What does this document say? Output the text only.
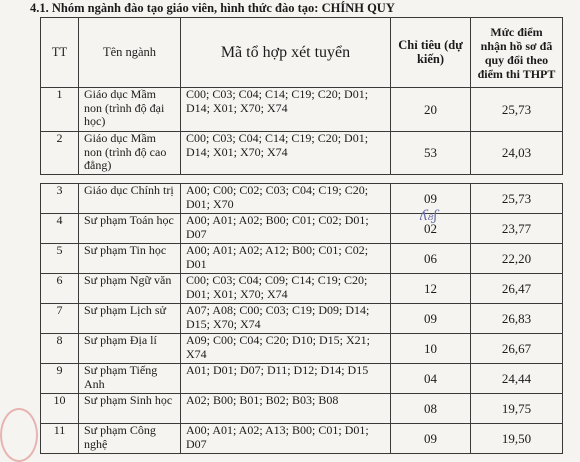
4.1. Nhóm ngành đào tạo giáo viên, hình thức đào tạo: CHÍNH QUY
TT	Tên ngành	Mã tổ hợp xét tuyển	Chỉ tiêu (dự kiến)	Mức điểm nhận hồ sơ đã quy đổi theo điểm thi THPT
1	Giáo dục Mầm non (trình độ đại học)	C00; C03; C04; C14; C19; C20; D01; D14; X01; X70; X74	20	25,73
2	Giáo dục Mầm non (trình độ cao đẳng)	C00; C03; C04; C14; C19; C20; D01; D14; X01; X70; X74	53	24,03
3	Giáo dục Chính trị	A00; C00; C02; C03; C04; C19; C20; D01; X70	09	25,73
4	Sư phạm Toán học	A00; A01; A02; B00; C01; C02; D01; D07	02	23,77
5	Sư phạm Tin học	A00; A01; A02; A12; B00; C01; C02; D01	06	22,20
6	Sư phạm Ngữ văn	C00; C03; C04; C09; C14; C19; C20; D01; X01; X70; X74	12	26,47
7	Sư phạm Lịch sử	A07; A08; C00; C03; C19; D09; D14; D15; X70; X74	09	26,83
8	Sư phạm Địa lí	A09; C00; C04; C20; D10; D15; X21; X74	10	26,67
9	Sư phạm Tiếng Anh	A01; D01; D07; D11; D12; D14; D15	04	24,44
10	Sư phạm Sinh học	A02; B00; B01; B02; B03; B08	08	19,75
11	Sư phạm Công nghệ	A00; A01; A02; A13; B00; C01; D01; D07	09	19,50
ʎ₈ʃ
